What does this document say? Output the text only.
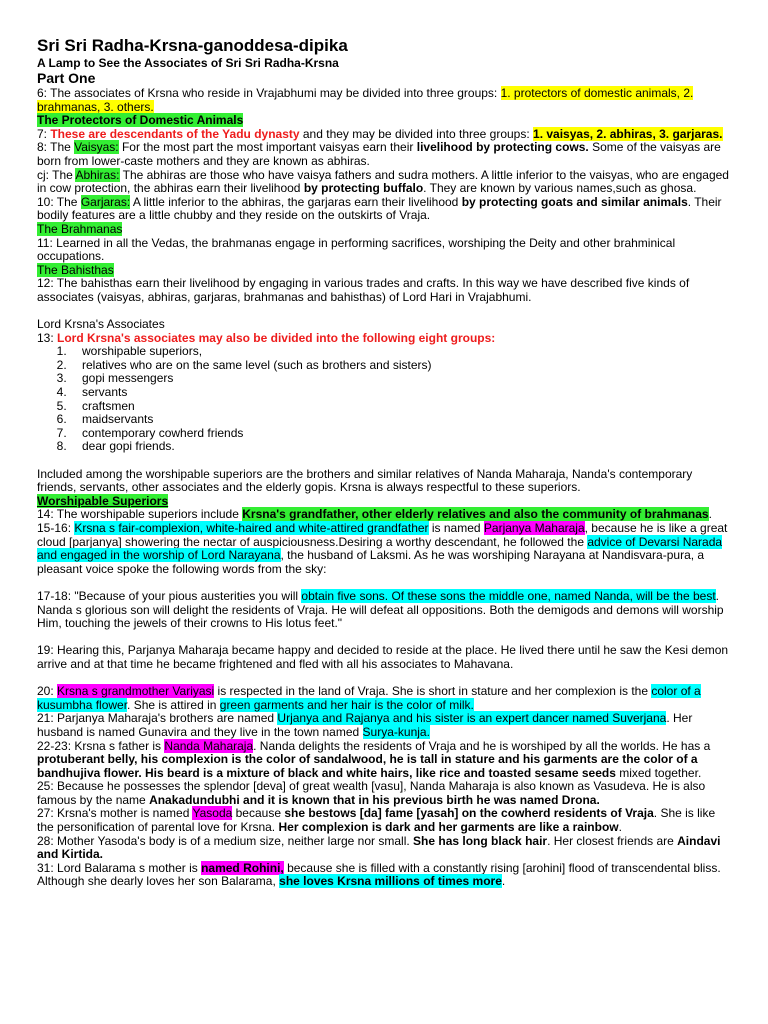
Sri Sri Radha-Krsna-ganoddesa-dipika
A Lamp to See the Associates of Sri Sri Radha-Krsna
Part One

6: The associates of Krsna who reside in Vrajabhumi may be divided into three groups: 1. protectors of domestic animals, 2. brahmanas, 3. others.

The Protectors of Domestic Animals

7: These are descendants of the Yadu dynasty and they may be divided into three groups: 1. vaisyas, 2. abhiras, 3. garjaras.

8: The Vaisyas: For the most part the most important vaisyas earn their livelihood by protecting cows. Some of the vaisyas are born from lower-caste mothers and they are known as abhiras.

cj: The Abhiras: The abhiras are those who have vaisya fathers and sudra mothers. A little inferior to the vaisyas, who are engaged in cow protection, the abhiras earn their livelihood by protecting buffalo. They are known by various names,such as ghosa.

10: The Garjaras: A little inferior to the abhiras, the garjaras earn their livelihood by protecting goats and similar animals. Their bodily features are a little chubby and they reside on the outskirts of Vraja.

The Brahmanas

11: Learned in all the Vedas, the brahmanas engage in performing sacrifices, worshiping the Deity and other brahminical occupations.

The Bahisthas

12: The bahisthas earn their livelihood by engaging in various trades and crafts. In this way we have described five kinds of associates (vaisyas, abhiras, garjaras, brahmanas and bahisthas) of Lord Hari in Vrajabhumi.

Lord Krsna's Associates

13: Lord Krsna's associates may also be divided into the following eight groups:

1. worshipable superiors,
2. relatives who are on the same level (such as brothers and sisters)
3. gopi messengers
4. servants
5. craftsmen
6. maidservants
7. contemporary cowherd friends
8. dear gopi friends.

Included among the worshipable superiors are the brothers and similar relatives of Nanda Maharaja, Nanda's contemporary friends, servants, other associates and the elderly gopis. Krsna is always respectful to these superiors.

Worshipable Superiors

14: The worshipable superiors include Krsna's grandfather, other elderly relatives and also the community of brahmanas.

15-16: Krsna s fair-complexion, white-haired and white-attired grandfather is named Parjanya Maharaja, because he is like a great cloud [parjanya] showering the nectar of auspiciousness.Desiring a worthy descendant, he followed the advice of Devarsi Narada and engaged in the worship of Lord Narayana, the husband of Laksmi. As he was worshiping Narayana at Nandisvara-pura, a pleasant voice spoke the following words from the sky:

17-18: "Because of your pious austerities you will obtain five sons. Of these sons the middle one, named Nanda, will be the best. Nanda s glorious son will delight the residents of Vraja. He will defeat all oppositions. Both the demigods and demons will worship Him, touching the jewels of their crowns to His lotus feet."

19: Hearing this, Parjanya Maharaja became happy and decided to reside at the place. He lived there until he saw the Kesi demon arrive and at that time he became frightened and fled with all his associates to Mahavana.

20: Krsna s grandmother Variyasi is respected in the land of Vraja. She is short in stature and her complexion is the color of a kusumbha flower. She is attired in green garments and her hair is the color of milk.

21: Parjanya Maharaja's brothers are named Urjanya and Rajanya and his sister is an expert dancer named Suverjana. Her husband is named Gunavira and they live in the town named Surya-kunja.

22-23: Krsna s father is Nanda Maharaja. Nanda delights the residents of Vraja and he is worshiped by all the worlds. He has a protuberant belly, his complexion is the color of sandalwood, he is tall in stature and his garments are the color of a bandhujiva flower. His beard is a mixture of black and white hairs, like rice and toasted sesame seeds mixed together.

25: Because he possesses the splendor [deva] of great wealth [vasu], Nanda Maharaja is also known as Vasudeva. He is also famous by the name Anakadundubhi and it is known that in his previous birth he was named Drona.

27: Krsna's mother is named Yasoda because she bestows [da] fame [yasah] on the cowherd residents of Vraja. She is like the personification of parental love for Krsna. Her complexion is dark and her garments are like a rainbow.

28: Mother Yasoda's body is of a medium size, neither large nor small. She has long black hair. Her closest friends are Aindavi and Kirtida.

31: Lord Balarama s mother is named Rohini, because she is filled with a constantly rising [arohini] flood of transcendental bliss. Although she dearly loves her son Balarama, she loves Krsna millions of times more.
